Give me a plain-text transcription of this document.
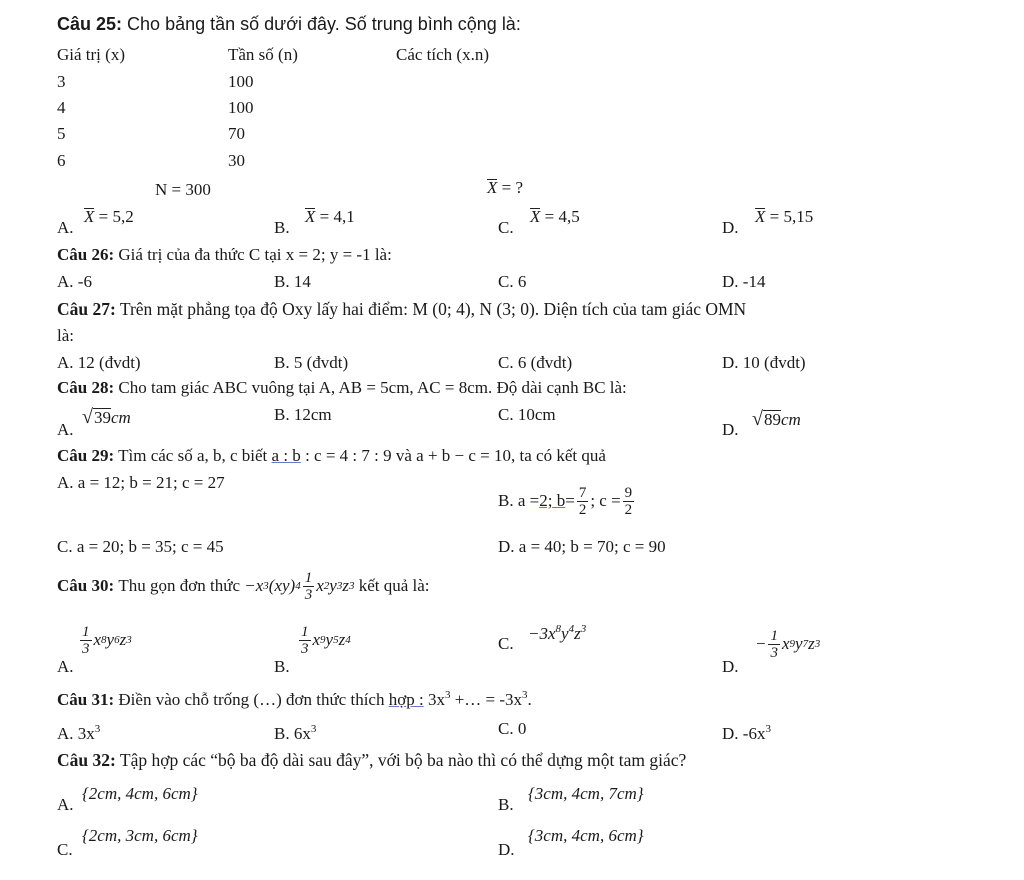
Câu 25: Cho bảng tần số dưới đây. Số trung bình cộng là:
Giá trị (x)	Tần số (n)	Các tích (x.n)
3	100
4	100
5	70
6	30
N = 300	X = ?
A.
X = 5,2
B.
X = 4,1
C.
X = 4,5
D.
X = 5,15
Câu 26: Giá trị của đa thức C tại x = 2; y = -1 là:
A. -6	B. 14	C. 6	D. -14
Câu 27: Trên mặt phẳng tọa độ Oxy lấy hai điểm: M (0; 4), N (3; 0). Diện tích của tam giác OMN
là:
A. 12 (đvdt)	B. 5 (đvdt)	C. 6 (đvdt)	D. 10 (đvdt)
Câu 28: Cho tam giác ABC vuông tại A, AB = 5cm, AC = 8cm. Độ dài cạnh BC là:
A.
√ 39 cm	B. 12cm	C. 10cm
D. √ 89 cm
Câu 29: Tìm các số a, b, c biết a : b : c = 4 : 7 : 9 và a + b − c = 10, ta có kết quả
A. a = 12; b = 21; c = 27
B. a = 2; $b = \frac{7}{2}$ ; $c = \frac{9}{2}$
C. a = 20; b = 35; c = 45	D. a = 40; b = 70; c = 90
Câu 30:
Thu gọn đơn thức
− x 3 (xy) $4 \frac{1}{3}$ x 2 y 3 z 3
kết quả là:
A.
$\frac{1}{3}$ x 8 y 6 z 3
B.
$\frac{1}{3}$ x 9 y 5 z 4	C.
$-3x^8y^4z^3$
D.
− $\frac{1}{3}$ x 9 y 7 z 3
Câu 31: Điền vào chỗ trống (…) đơn thức thích hợp : $3x^3$ +… = $-3x^3$.
A. $3x^3$	B. $6x^3$	C. 0	D. $-6x^3$
Câu 32: Tập hợp các “bộ ba độ dài sau đây”, với bộ ba nào thì có thể dựng một tam giác?
A.
{2cm, 4cm, 6cm}
B.
{3cm, 4cm, 7cm}
C.
{2cm, 3cm, 6cm}
D.
{3cm, 4cm, 6cm}
